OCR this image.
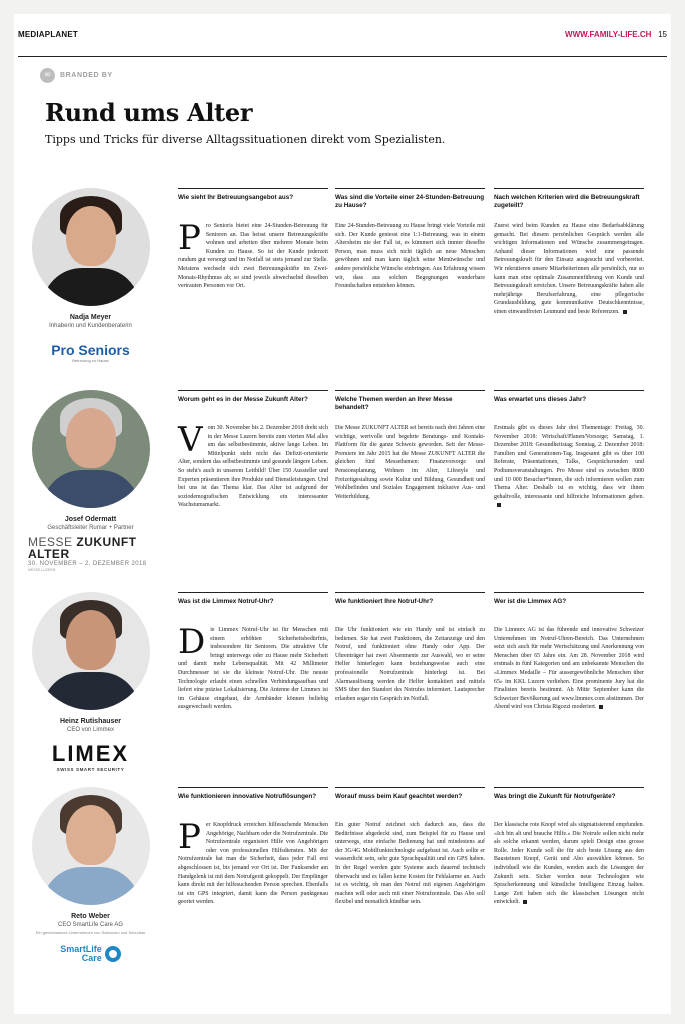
MEDIAPLANET	WWW.FAMILY-LIFE.CH 15
∞	BRANDED BY
Rund ums Alter

Tipps und Tricks für diverse Alltagssituationen direkt vom Spezialisten.

Nadja Meyer
Inhaberin und Kundenberaterin
Pro Seniors
Betreuung zu Hause
Wie sieht Ihr Betreuungsangebot aus?
Pro Senioris bietet eine 24-Stunden-Betreuung für Senioren an. Das heisst unsere Betreuungskräfte wohnen und arbeiten über mehrere Monate beim Kunden zu Hause. So ist der Kunde jederzeit rundum gut versorgt und im Notfall ist stets jemand zur Stelle. Meistens wechseln sich zwei Betreuungskräfte im Zwei-Monats-Rhythmus ab; so sind jeweils abwechselnd dieselben vertrauten Personen vor Ort.
Was sind die Vorteile einer 24-Stunden-Betreuung zu Hause?
Eine 24-Stunden-Betreuung zu Hause bringt viele Vorteile mit sich. Der Kunde geniesst eine 1:1-Betreuung, was in einem Altersheim nie der Fall ist, es kümmert sich immer dieselbe Person, man muss sich nicht täglich an neue Menschen gewöhnen und man kann täglich seine Menüwünsche und andere persönliche Wünsche einbringen. Aus Erfahrung wissen wir, dass aus solchen Begegnungen wunderbare Freundschaften entstehen können.
Nach welchen Kriterien wird die Betreuungskraft zugeteilt?
Zuerst wird beim Kunden zu Hause eine Bedarfsabklärung gemacht. Bei diesem persönlichen Gespräch werden alle wichtigen Informationen und Wünsche zusammengetragen. Anhand dieser Informationen wird eine passende Betreuungskraft für den Einsatz ausgesucht und vorbereitet. Wir rekrutieren unsere Mitarbeiterinnen alle persönlich, nur so kann man eine optimale Zusammenführung von Kunde und Betreuungskraft erreichen. Unsere Betreuungskräfte haben alle mehrjährige Berufserfahrung, eine pflegerische Grundausbildung, gute kommunikative Deutschkenntnisse, einen einwandfreien Leumund und beste Referenzen.
Josef Odermatt
Geschäftsleiter Rumar + Partner
MESSE ZUKUNFT ALTER
30. NOVEMBER – 2. DEZEMBER 2018
MESSE LUZERN
Worum geht es in der Messe Zukunft Alter?
Vom 30. November bis 2. Dezember 2018 dreht sich in der Messe Luzern bereits zum vierten Mal alles um das selbstbestimmte, aktive lange Leben. Im Mittelpunkt steht nicht das Defizit-orientierte Alter, sondern das selbstbestimmte und gesunde längere Leben. So steht's auch in unserem Leitbild! Über 150 Aussteller und Experten präsentieren ihre Produkte und Dienstleistungen. Und bei uns ist das Thema klar. Das Alter ist aufgrund der soziodemografischen Entwicklung ein interessanter Wachstumsmarkt.
Welche Themen werden an Ihrer Messe behandelt?
Die Messe ZUKUNFT ALTER sei bereits nach drei Jahren eine wichtige, wertvolle und begehrte Beratungs- und Kontakt-Plattform für die ganze Schweiz geworden. Seit der Messe-Premiere im Jahr 2015 hat die Messe ZUKUNFT ALTER die gleichen fünf Messethemen: Finanzvorsorge und Pensionsplanung, Wohnen im Alter, Lifestyle und Freizeitgestaltung sowie Kultur und Bildung, Gesundheit und Wohlbefinden und Soziales Engagement inklusive Aus- und Weiterbildung.
Was erwartet uns dieses Jahr?
Erstmals gibt es dieses Jahr drei Thementage: Freitag, 30. November 2018: Wirtschaft/Planen/Vorsorge; Samstag, 1. Dezember 2018: Gesundheitstag; Sonntag, 2. Dezember 2018: Familien und Generationen-Tag. Insgesamt gibt es über 100 Referate, Präsentationen, Talks, Gesprächsrunden und Podiumsveranstaltungen. Pro Messe sind es zwischen 8000 und 10 000 Besucher*innen, die sich informieren wollen zum Thema Alter. Deshalb ist es wichtig, dass wir ihnen gehaltvolle, interessante und hilfreiche Informationen geben.
Heinz Rutishauser
CEO von Limmex
LIMEX
SWISS SMART SECURITY
Was ist die Limmex Notruf-Uhr?
Die Limmex Notruf-Uhr ist für Menschen mit einem erhöhten Sicherheitsbedürfnis, insbesondere für Senioren. Die attraktive Uhr bringt unterwegs oder zu Hause mehr Sicherheit und damit mehr Lebensqualität. Mit 42 Millimeter Durchmesser ist sie die kleinste Notruf-Uhr. Die neuste Technologie erlaubt einen schnellen Verbindungsaufbau und liefert eine präzise Lokalisierung. Die Antenne der Limmex ist im Gehäuse eingebaut, die Armbänder können beliebig ausgewechselt werden.
Wie funktioniert Ihre Notruf-Uhr?
Die Uhr funktioniert wie ein Handy und ist einfach zu bedienen. Sie hat zwei Funktionen, die Zeitanzeige und den Notruf, und funktioniert ohne Handy oder App. Der Uhrenträger hat zwei Absenmente zur Auswahl, wo er seine Helfer hinterlegen kann beziehungsweise auch eine professionelle Notrufzentrale hinterlegt ist. Bei Alarmauslösung werden die Helfer kontaktiert und mittels SMS über den Standort des Notrufes informiert. Lautsprecher erlauben sogar ein Gespräch im Notfall.
Wer ist die Limmex AG?
Die Limmex AG ist das führende und innovative Schweizer Unternehmen im Notruf-Uhren-Bereich. Das Unternehmen setzt sich auch für mehr Wertschätzung und Anerkennung von Menschen über 65 Jahre ein. Am 28. November 2018 wird erstmals in fünf Kategorien und am unbekannte Menschen die «Limmex Medaille – Für aussergewöhnliche Menschen über 65» im KKL Luzern verliehen. Eine prominente Jury hat die Finalisten bereits bestimmt. Ab Mitte September kann die Schweizer Bevölkerung auf www.limmex.com abstimmen. Der Abend wird von Christa Rigozzi moderiert.
Reto Weber
CEO SmartLife Care AG
Ein gemeinsames Unternehmen von Swisscom und Securitas
SmartLife
Care
Wie funktionieren innovative Notruflösungen?
Per Knopfdruck erreichen hilfesuchende Menschen Angehörige, Nachbarn oder die Notrufzentrale. Die Notrufzentrale organisiert Hilfe von Angehörigen oder von professionellen Hilfsdiensten. Mit der Notrufzentrale hat man die Sicherheit, dass jeder Fall erst abgeschlossen ist, bis jemand vor Ort ist. Der Funksender am Handgelenk ist mit dem Notrufgerät gekoppelt. Der Empfänger kann direkt mit der hilfesuchenden Person sprechen. Ebenfalls ist ein GPS integriert, damit kann die Person punktgenau geortet werden.
Worauf muss beim Kauf geachtet werden?
Ein guter Notruf zeichnet sich dadurch aus, dass die Bedürfnisse abgedeckt sind, zum Beispiel für zu Hause und unterwegs, eine einfache Bedienung hat und mindestens auf der 3G/4G Mobilfunktechnologie aufgebaut ist. Auch sollte er wasserdicht sein, sehr gute Sprachqualität und ein GPS haben. In der Regel werden gute Systeme auch dauernd technisch überwacht und es fallen keine Kosten für Fehlalarme an. Auch ist es wichtig, ob man den Notruf mit eigenen Angehörigen machen will oder auch mit einer Notrufzentrale. Das Abo soll flexibel und monatlich kündbar sein.
Was bringt die Zukunft für Notrufgeräte?
Der klassische rote Knopf wird als stigmatisierend empfunden. «Ich bin alt und brauche Hilfe.» Die Notrufe sollen nicht mehr als solche erkannt werden, darum spielt Design eine grosse Rolle. Jeder Kunde soll die für sich beste Lösung aus den Bausteinen Knopf, Gerät und Abo auswählen können. So individuell wie die Kunden, werden auch die Lösungen der Zukunft sein. Sicher werden neue Technologien wie Spracherkennung und künstliche Intelligenz Einzug halten. Lange Zeit haben sich die klassischen Lösungen nicht entwickelt.
